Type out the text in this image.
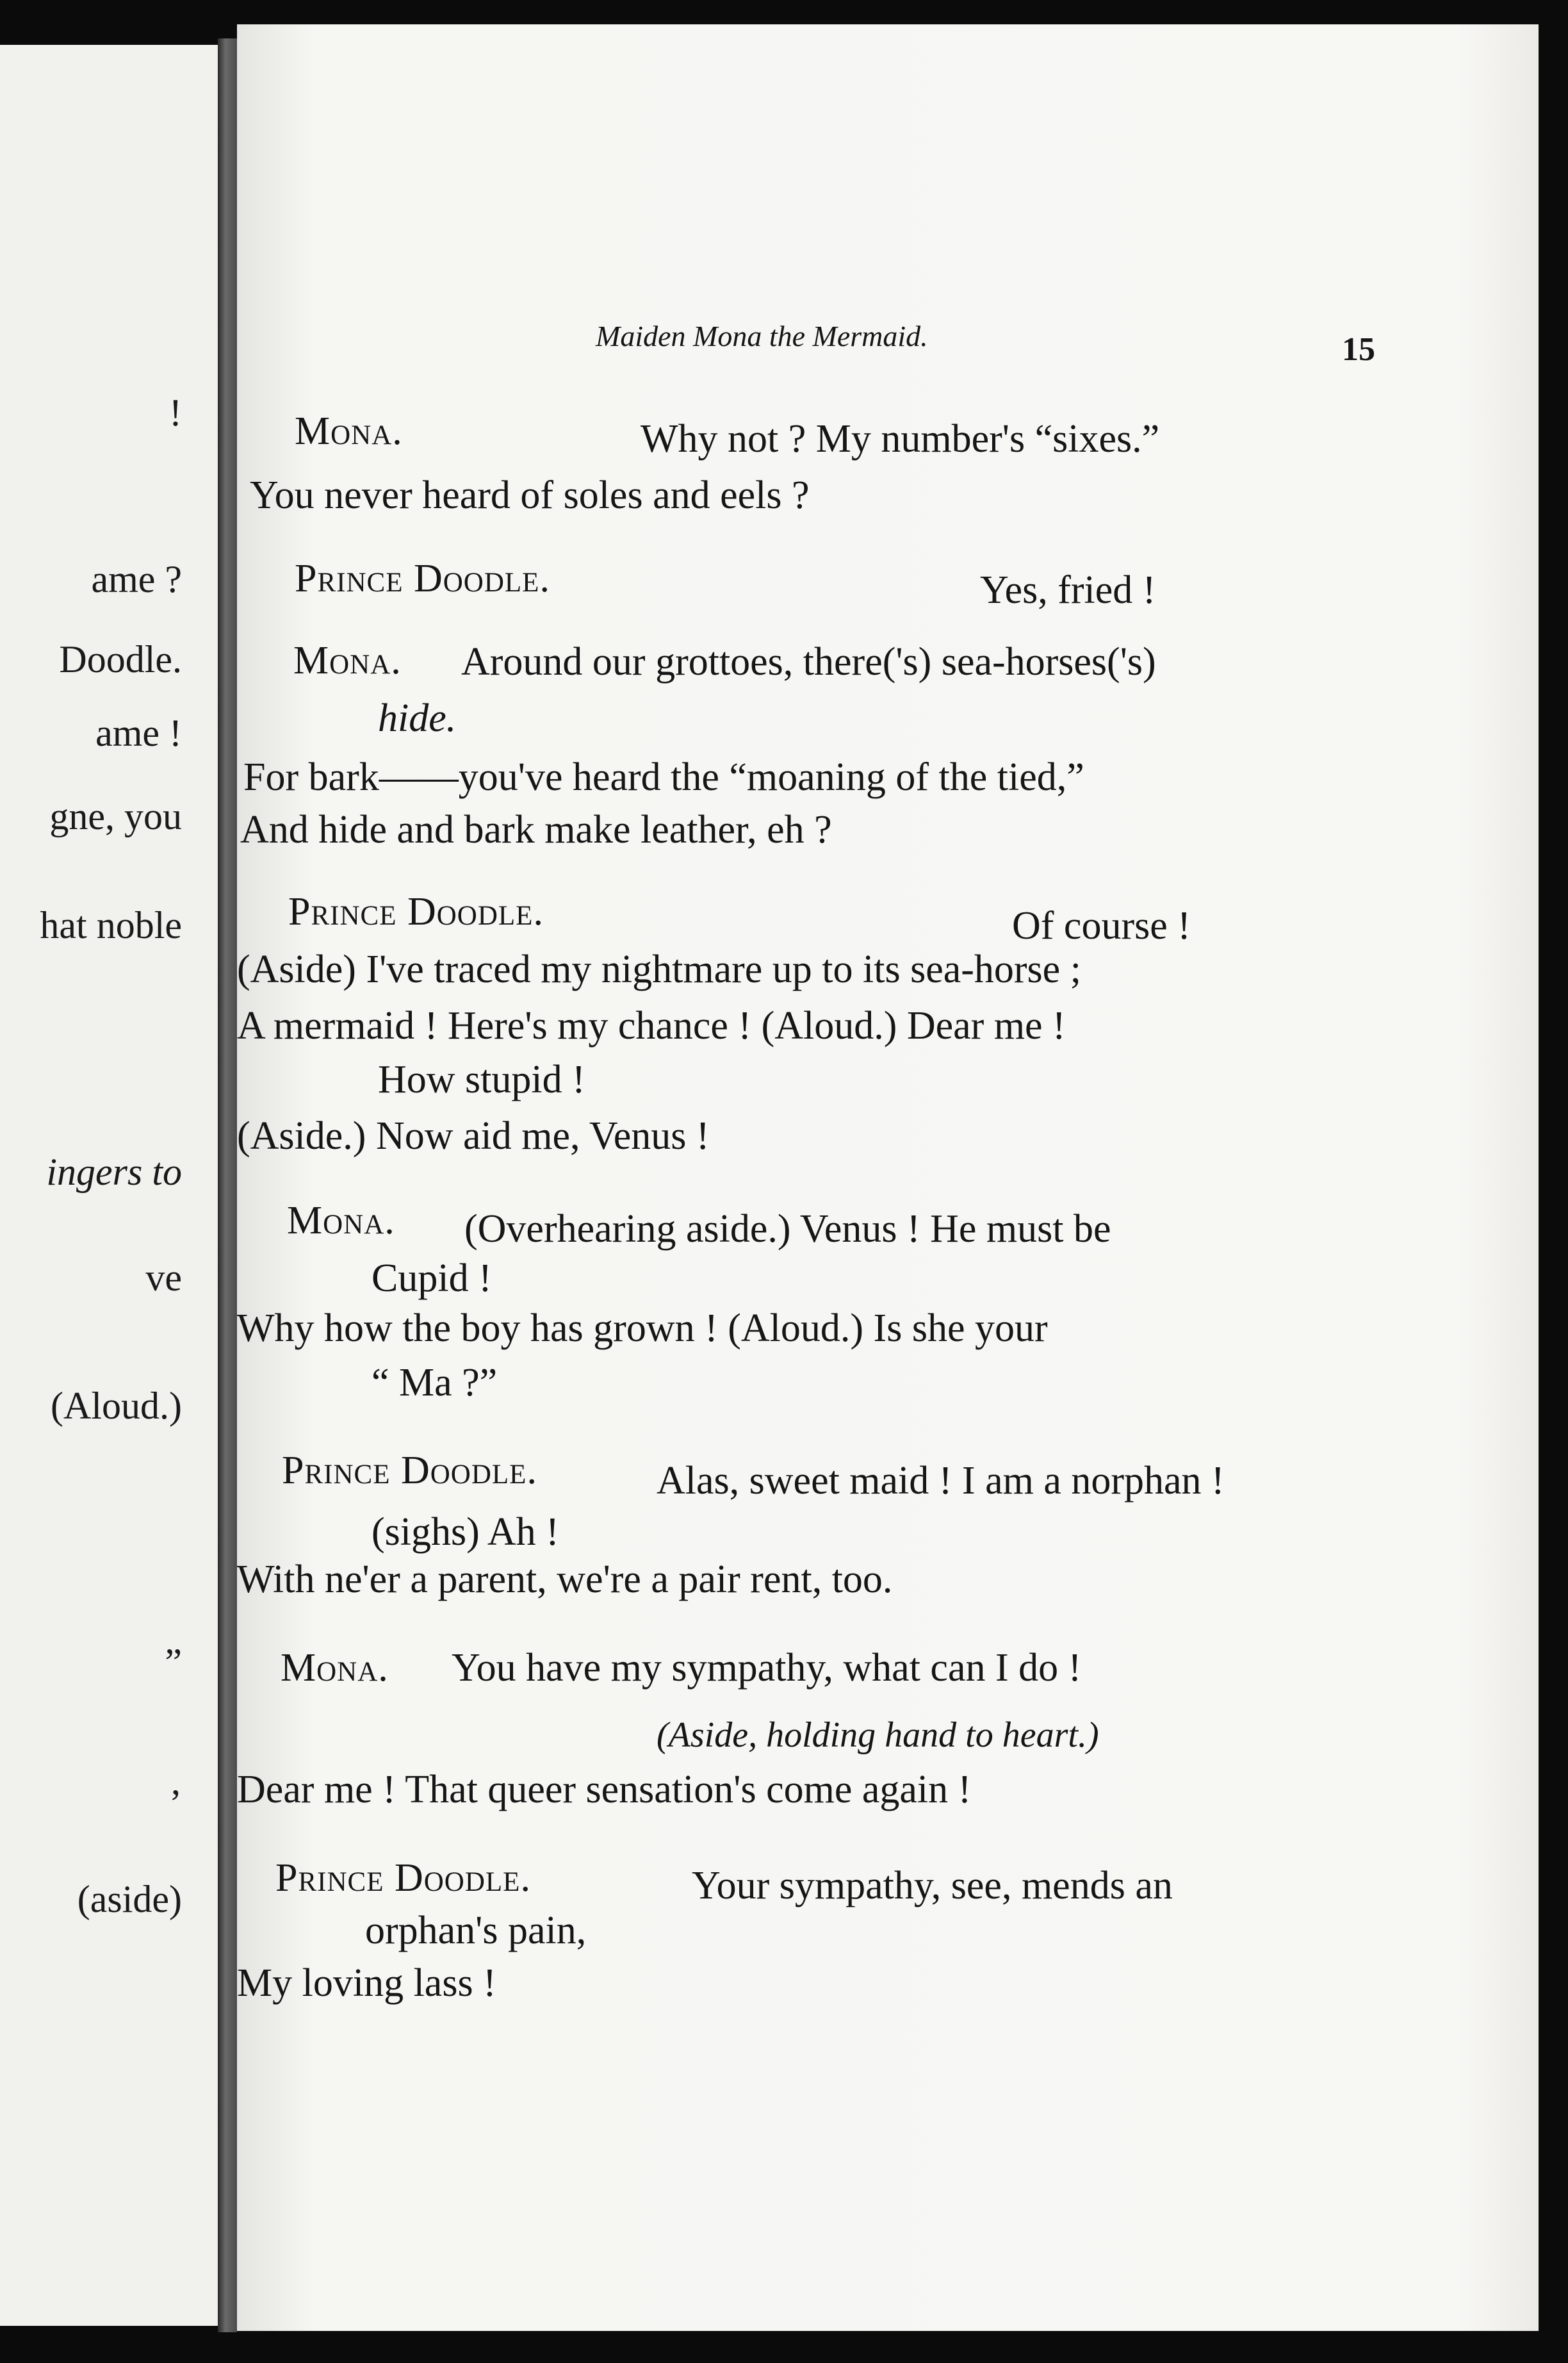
!
ame ?
Doodle.
ame !
gne, you
hat noble
ingers to
ve
(Aloud.)
”
’
(aside)
Maiden Mona the Mermaid.	15
Mona.	Why not ? My number's “sixes.”
You never heard of soles and eels ?
Prince Doodle.	Yes, fried !
Mona. Around our grottoes, there('s) sea-horses('s)
hide.
For bark——you've heard the “moaning of the tied,”
And hide and bark make leather, eh ?
Prince Doodle.	Of course !
(Aside) I've traced my nightmare up to its sea-horse ;
A mermaid ! Here's my chance ! (Aloud.) Dear me !
How stupid !
(Aside.) Now aid me, Venus !
Mona. (Overhearing aside.) Venus ! He must be
Cupid !
Why how the boy has grown ! (Aloud.) Is she your
“ Ma ?”
Prince Doodle.	Alas, sweet maid ! I am a norphan !
(sighs) Ah !
With ne'er a parent, we're a pair rent, too.
Mona. You have my sympathy, what can I do !
(Aside, holding hand to heart.)
Dear me ! That queer sensation's come again !
Prince Doodle.	Your sympathy, see, mends an
orphan's pain,
My loving lass !
